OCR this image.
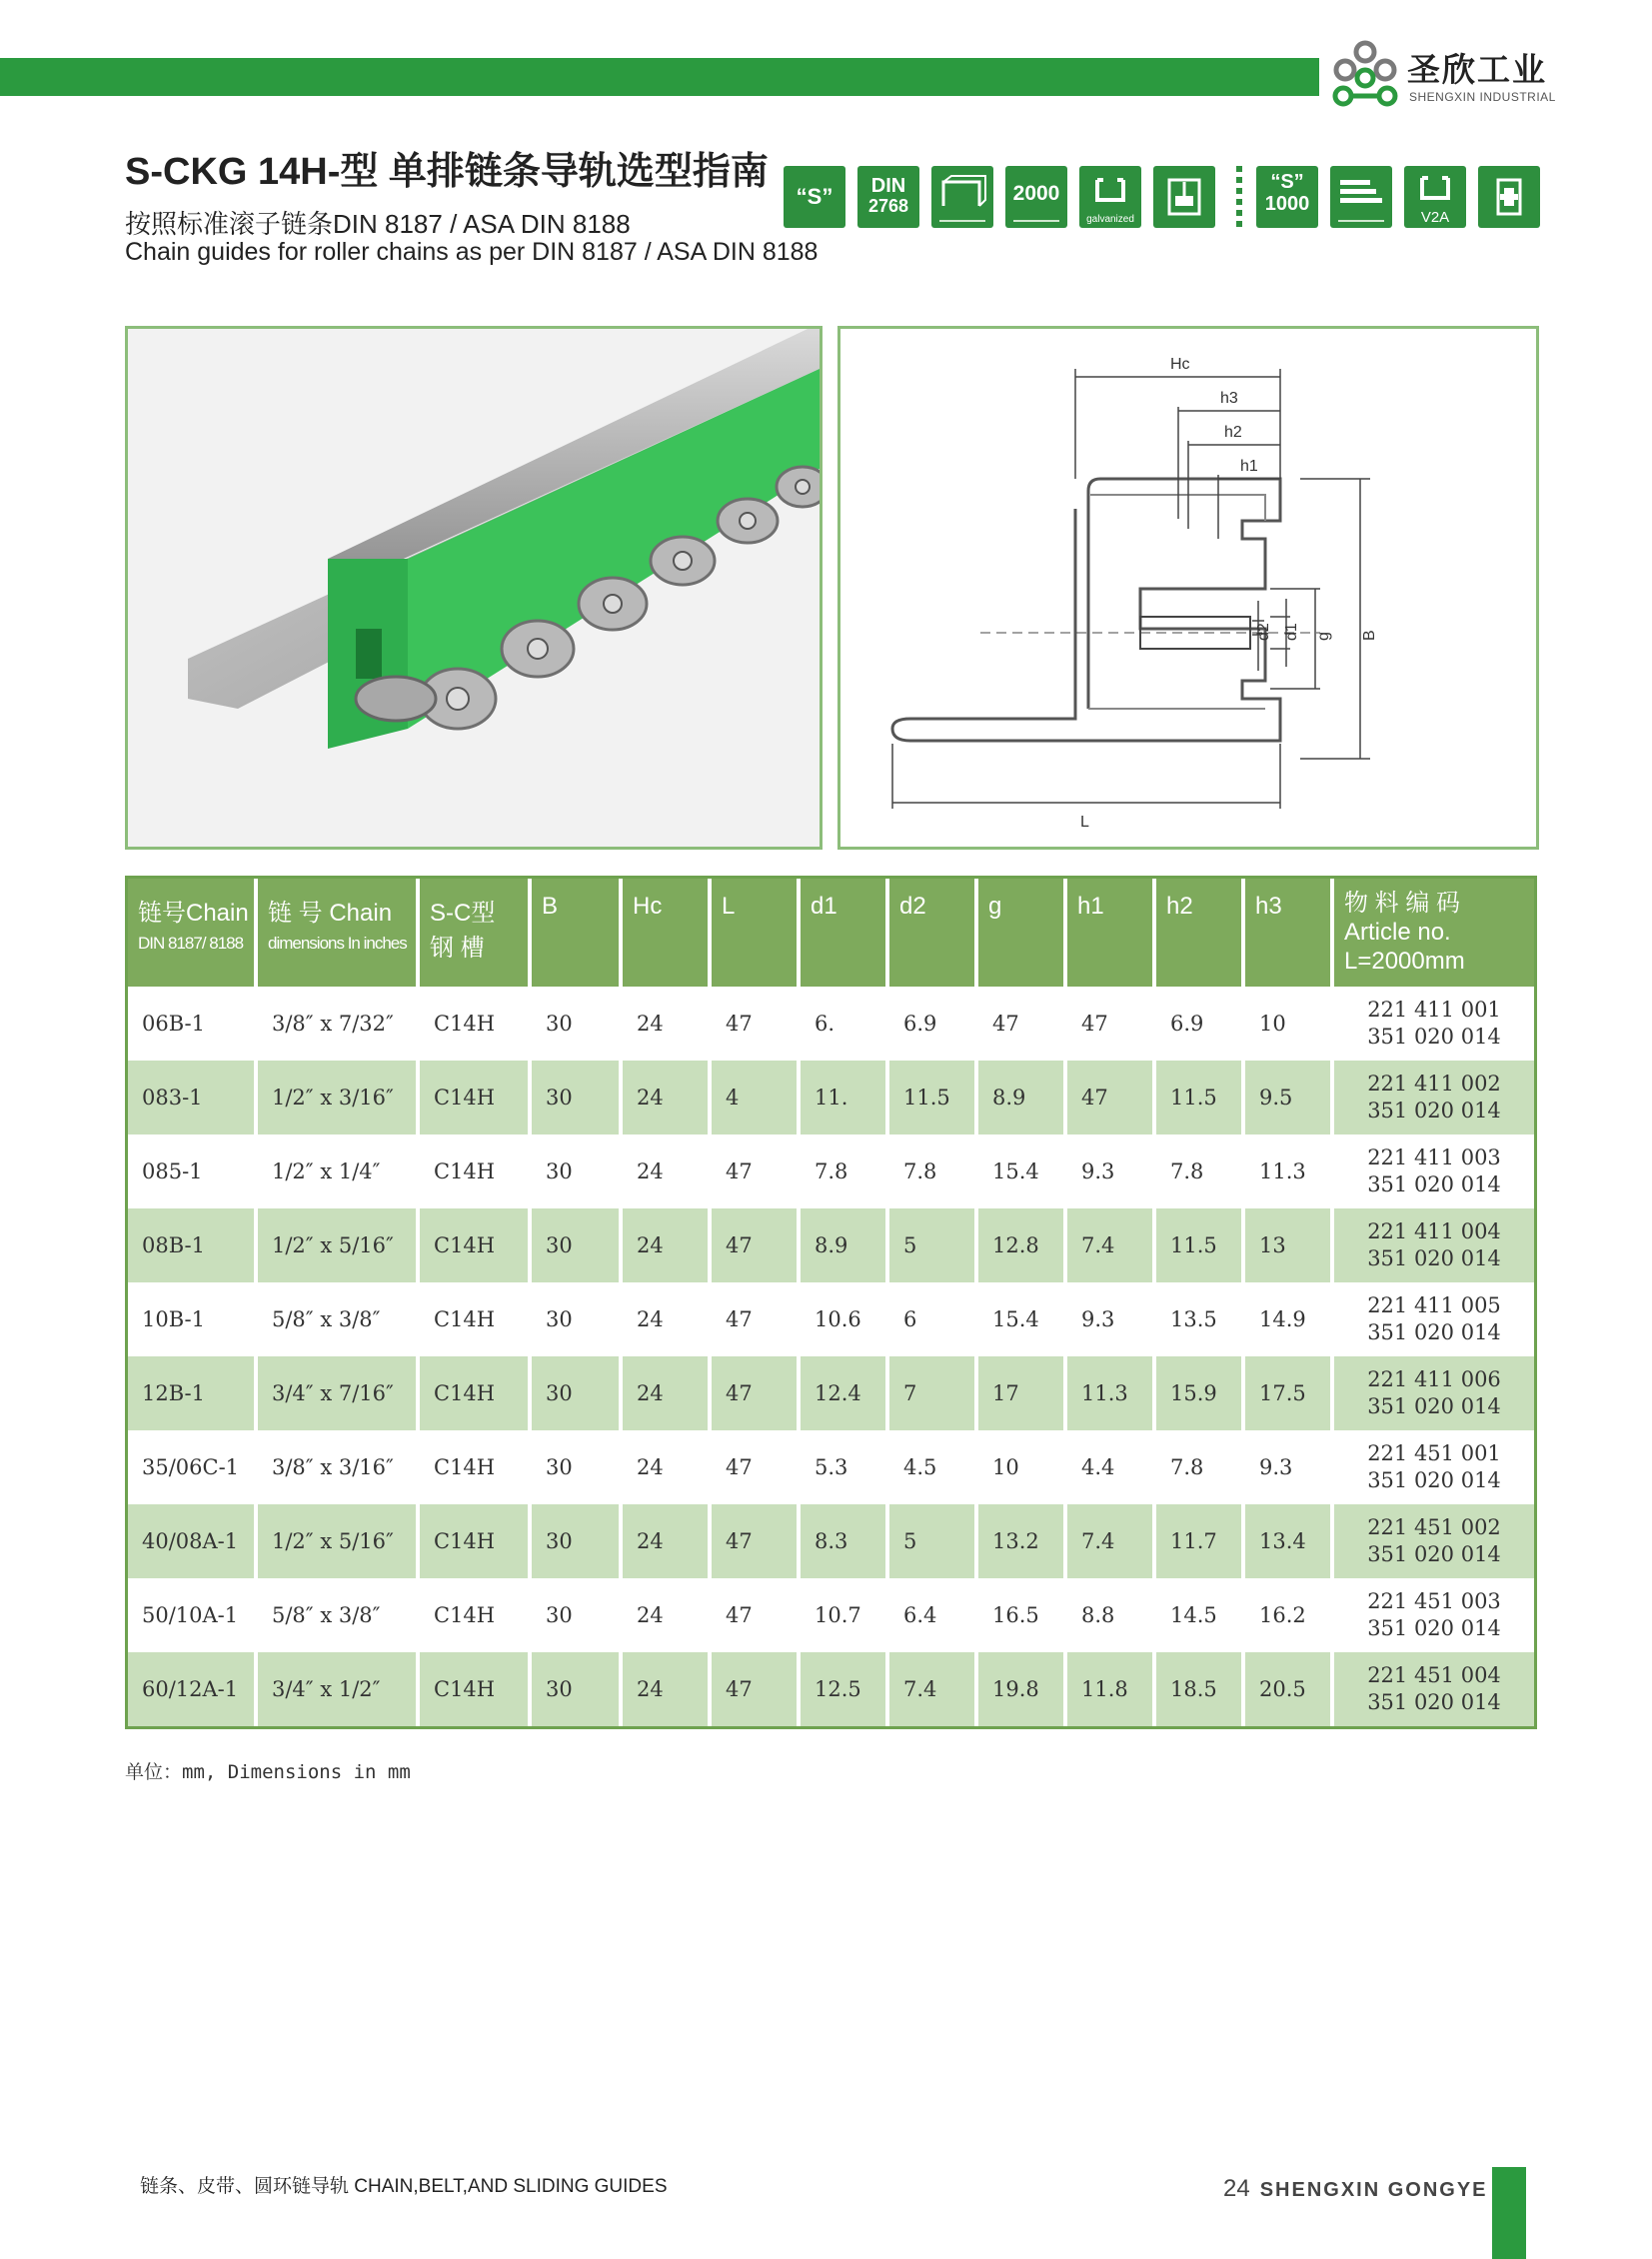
圣欣工业
SHENGXIN INDUSTRIAL
S-CKG 14H-型 单排链条导轨选型指南
按照标准滚子链条DIN 8187 / ASA DIN 8188
Chain guides for roller chains as per DIN 8187 / ASA DIN 8188
“S”	DIN
2768
2000
galvanized
“S”
1000
V2A
Hc
h3
h2
h1
d2 d1 g B
L
链号Chain
DIN 8187/ 8188	链 号 Chain
dimensions In inches	S-C型
钢 槽	B	Hc	L	d1	d2	g	h1	h2	h3	物 料 编 码
Article no.
L=2000mm
06B-1	3/8″ x 7/32″	C14H	30	24	47	6.	6.9	47	47	6.9	10	221 411 001
351 020 014
083-1	1/2″ x 3/16″	C14H	30	24	4	11.	11.5	8.9	47	11.5	9.5	221 411 002
351 020 014
085-1	1/2″ x 1/4″	C14H	30	24	47	7.8	7.8	15.4	9.3	7.8	11.3	221 411 003
351 020 014
08B-1	1/2″ x 5/16″	C14H	30	24	47	8.9	5	12.8	7.4	11.5	13	221 411 004
351 020 014
10B-1	5/8″ x 3/8″	C14H	30	24	47	10.6	6	15.4	9.3	13.5	14.9	221 411 005
351 020 014
12B-1	3/4″ x 7/16″	C14H	30	24	47	12.4	7	17	11.3	15.9	17.5	221 411 006
351 020 014
35/06C-1	3/8″ x 3/16″	C14H	30	24	47	5.3	4.5	10	4.4	7.8	9.3	221 451 001
351 020 014
40/08A-1	1/2″ x 5/16″	C14H	30	24	47	8.3	5	13.2	7.4	11.7	13.4	221 451 002
351 020 014
50/10A-1	5/8″ x 3/8″	C14H	30	24	47	10.7	6.4	16.5	8.8	14.5	16.2	221 451 003
351 020 014
60/12A-1	3/4″ x 1/2″	C14H	30	24	47	12.5	7.4	19.8	11.8	18.5	20.5	221 451 004
351 020 014
单位：mm, Dimensions in mm
链条、皮带、圆环链导轨 CHAIN,BELT,AND SLIDING GUIDES	24 SHENGXIN GONGYE
